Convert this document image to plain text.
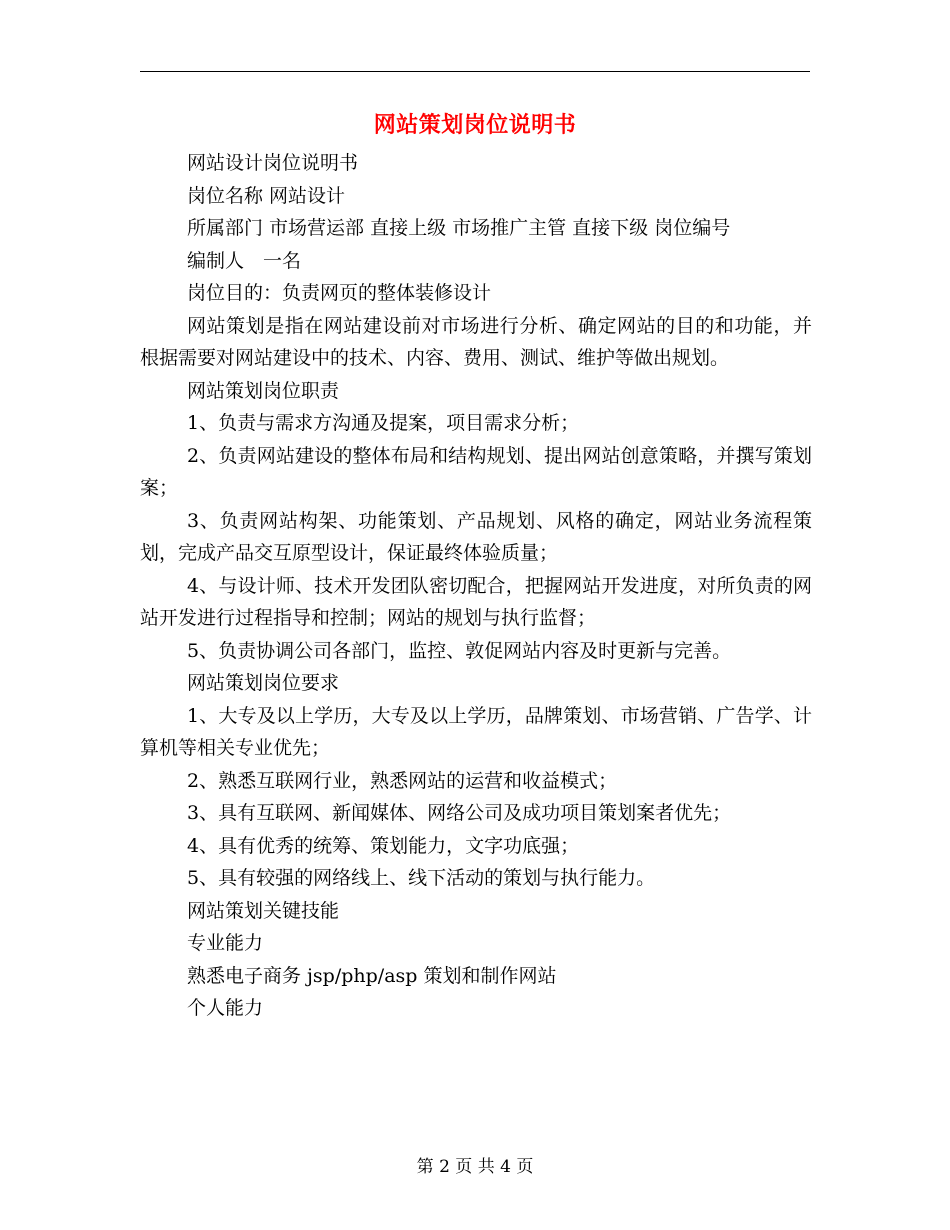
网站策划岗位说明书

网站设计岗位说明书

岗位名称 网站设计

所属部门 市场营运部 直接上级 市场推广主管 直接下级 岗位编号

编制人　一名

岗位目的：负责网页的整体装修设计

网站策划是指在网站建设前对市场进行分析、确定网站的目的和功能，并根据需要对网站建设中的技术、内容、费用、测试、维护等做出规划。

网站策划岗位职责

1、负责与需求方沟通及提案，项目需求分析；

2、负责网站建设的整体布局和结构规划、提出网站创意策略，并撰写策划案；

3、负责网站构架、功能策划、产品规划、风格的确定，网站业务流程策划，完成产品交互原型设计，保证最终体验质量；

4、与设计师、技术开发团队密切配合，把握网站开发进度，对所负责的网站开发进行过程指导和控制；网站的规划与执行监督；

5、负责协调公司各部门，监控、敦促网站内容及时更新与完善。

网站策划岗位要求

1、大专及以上学历，大专及以上学历，品牌策划、市场营销、广告学、计算机等相关专业优先；

2、熟悉互联网行业，熟悉网站的运营和收益模式；

3、具有互联网、新闻媒体、网络公司及成功项目策划案者优先；

4、具有优秀的统筹、策划能力，文字功底强；

5、具有较强的网络线上、线下活动的策划与执行能力。

网站策划关键技能

专业能力

熟悉电子商务 jsp/php/asp 策划和制作网站

个人能力

第 2 页 共 4 页
